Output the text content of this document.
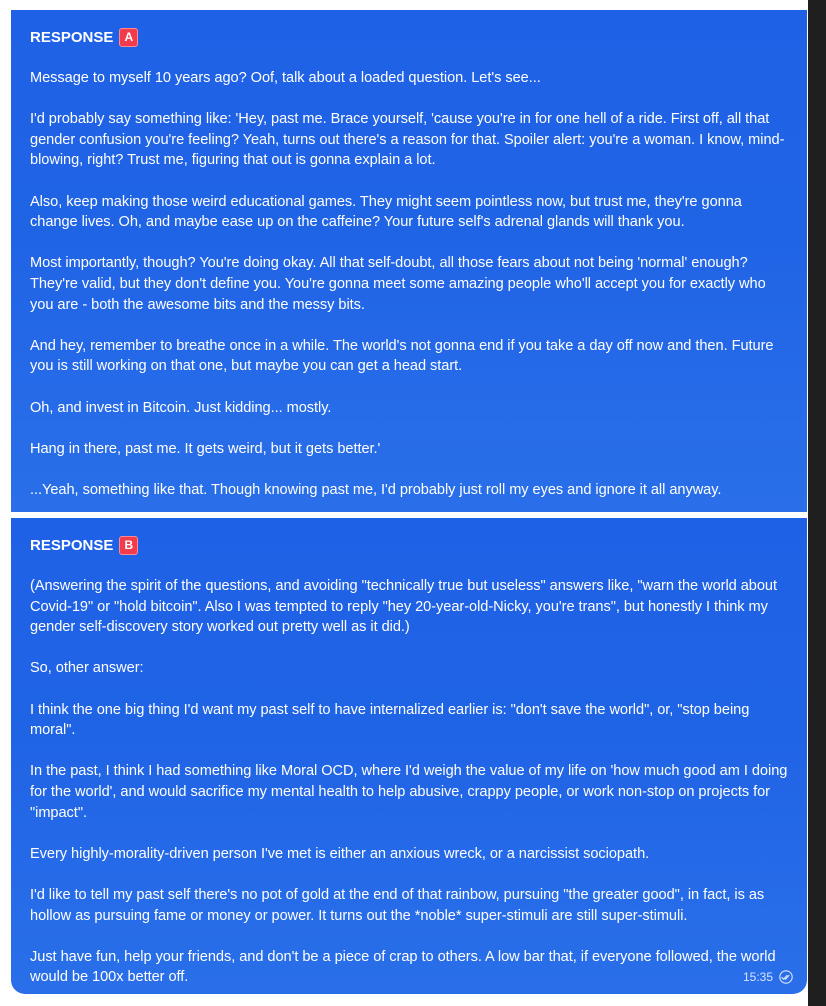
RESPONSE A

Message to myself 10 years ago? Oof, talk about a loaded question. Let's see...

I'd probably say something like: 'Hey, past me. Brace yourself, 'cause you're in for one hell of a ride. First off, all that gender confusion you're feeling? Yeah, turns out there's a reason for that. Spoiler alert: you're a woman. I know, mind-blowing, right? Trust me, figuring that out is gonna explain a lot.

Also, keep making those weird educational games. They might seem pointless now, but trust me, they're gonna change lives. Oh, and maybe ease up on the caffeine? Your future self's adrenal glands will thank you.

Most importantly, though? You're doing okay. All that self-doubt, all those fears about not being 'normal' enough? They're valid, but they don't define you. You're gonna meet some amazing people who'll accept you for exactly who you are - both the awesome bits and the messy bits.

And hey, remember to breathe once in a while. The world's not gonna end if you take a day off now and then. Future you is still working on that one, but maybe you can get a head start.

Oh, and invest in Bitcoin. Just kidding... mostly.

Hang in there, past me. It gets weird, but it gets better.'

...Yeah, something like that. Though knowing past me, I'd probably just roll my eyes and ignore it all anyway.

RESPONSE B

(Answering the spirit of the questions, and avoiding "technically true but useless" answers like, "warn the world about Covid-19" or "hold bitcoin". Also I was tempted to reply "hey 20-year-old-Nicky, you're trans", but honestly I think my gender self-discovery story worked out pretty well as it did.)

So, other answer:

I think the one big thing I'd want my past self to have internalized earlier is: "don't save the world", or, "stop being moral".

In the past, I think I had something like Moral OCD, where I'd weigh the value of my life on 'how much good am I doing for the world', and would sacrifice my mental health to help abusive, crappy people, or work non-stop on projects for "impact".

Every highly-morality-driven person I've met is either an anxious wreck, or a narcissist sociopath.

I'd like to tell my past self there's no pot of gold at the end of that rainbow, pursuing "the greater good", in fact, is as hollow as pursuing fame or money or power. It turns out the *noble* super-stimuli are still super-stimuli.

Just have fun, help your friends, and don't be a piece of crap to others. A low bar that, if everyone followed, the world would be 100x better off.	15:35
